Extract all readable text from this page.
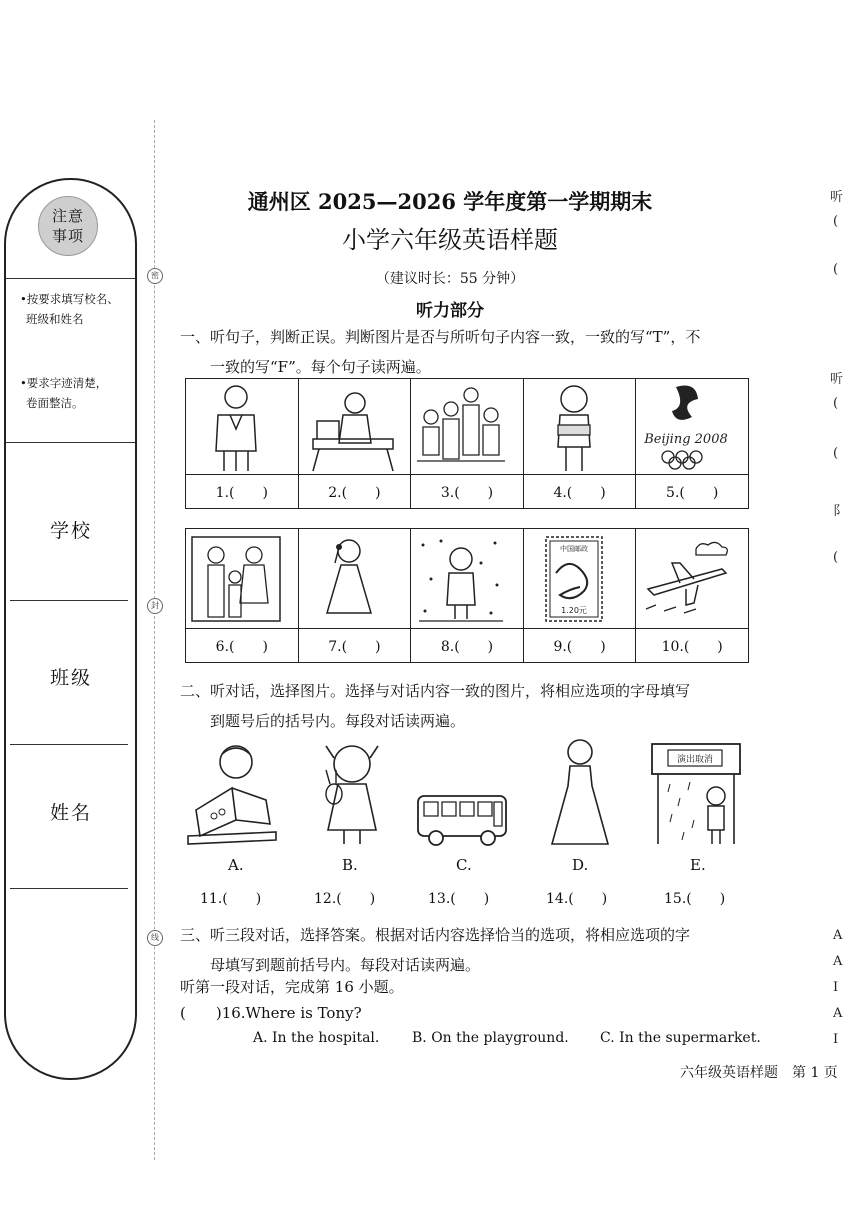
注意
事项
•按要求填写校名、
班级和姓名
•要求字迹清楚，
卷面整洁。
学校
班级
姓名
密
封
线
通州区 2025—2026 学年度第一学期期末
小学六年级英语样题
（建议时长：55 分钟）
听力部分
一、听句子，判断正误。判断图片是否与所听句子内容一致，一致的写“T”，不
一致的写“F”。每个句子读两遍。

Beijing 2008

1.(　　)	2.(　　)	3.(　　)	4.(　　)	5.(　　)

中国邮政
1.20元

6.(　　)	7.(　　)	8.(　　)	9.(　　)	10.(　　)
二、听对话，选择图片。选择与对话内容一致的图片，将相应选项的字母填写
到题号后的括号内。每段对话读两遍。
演出取消
A.	B.	C.	D.	E.
11.(　　)	12.(　　)	13.(　　)	14.(　　)	15.(　　)
三、听三段对话，选择答案。根据对话内容选择恰当的选项，将相应选项的字
母填写到题前括号内。每段对话读两遍。
听第一段对话，完成第 16 小题。
(　　)16.Where is Tony?
A. In the hospital. B. On the playground. C. In the supermarket.
六年级英语样题　第 1 页
听
(
(
听
(
(
阝
(
A
A
I
A
I
